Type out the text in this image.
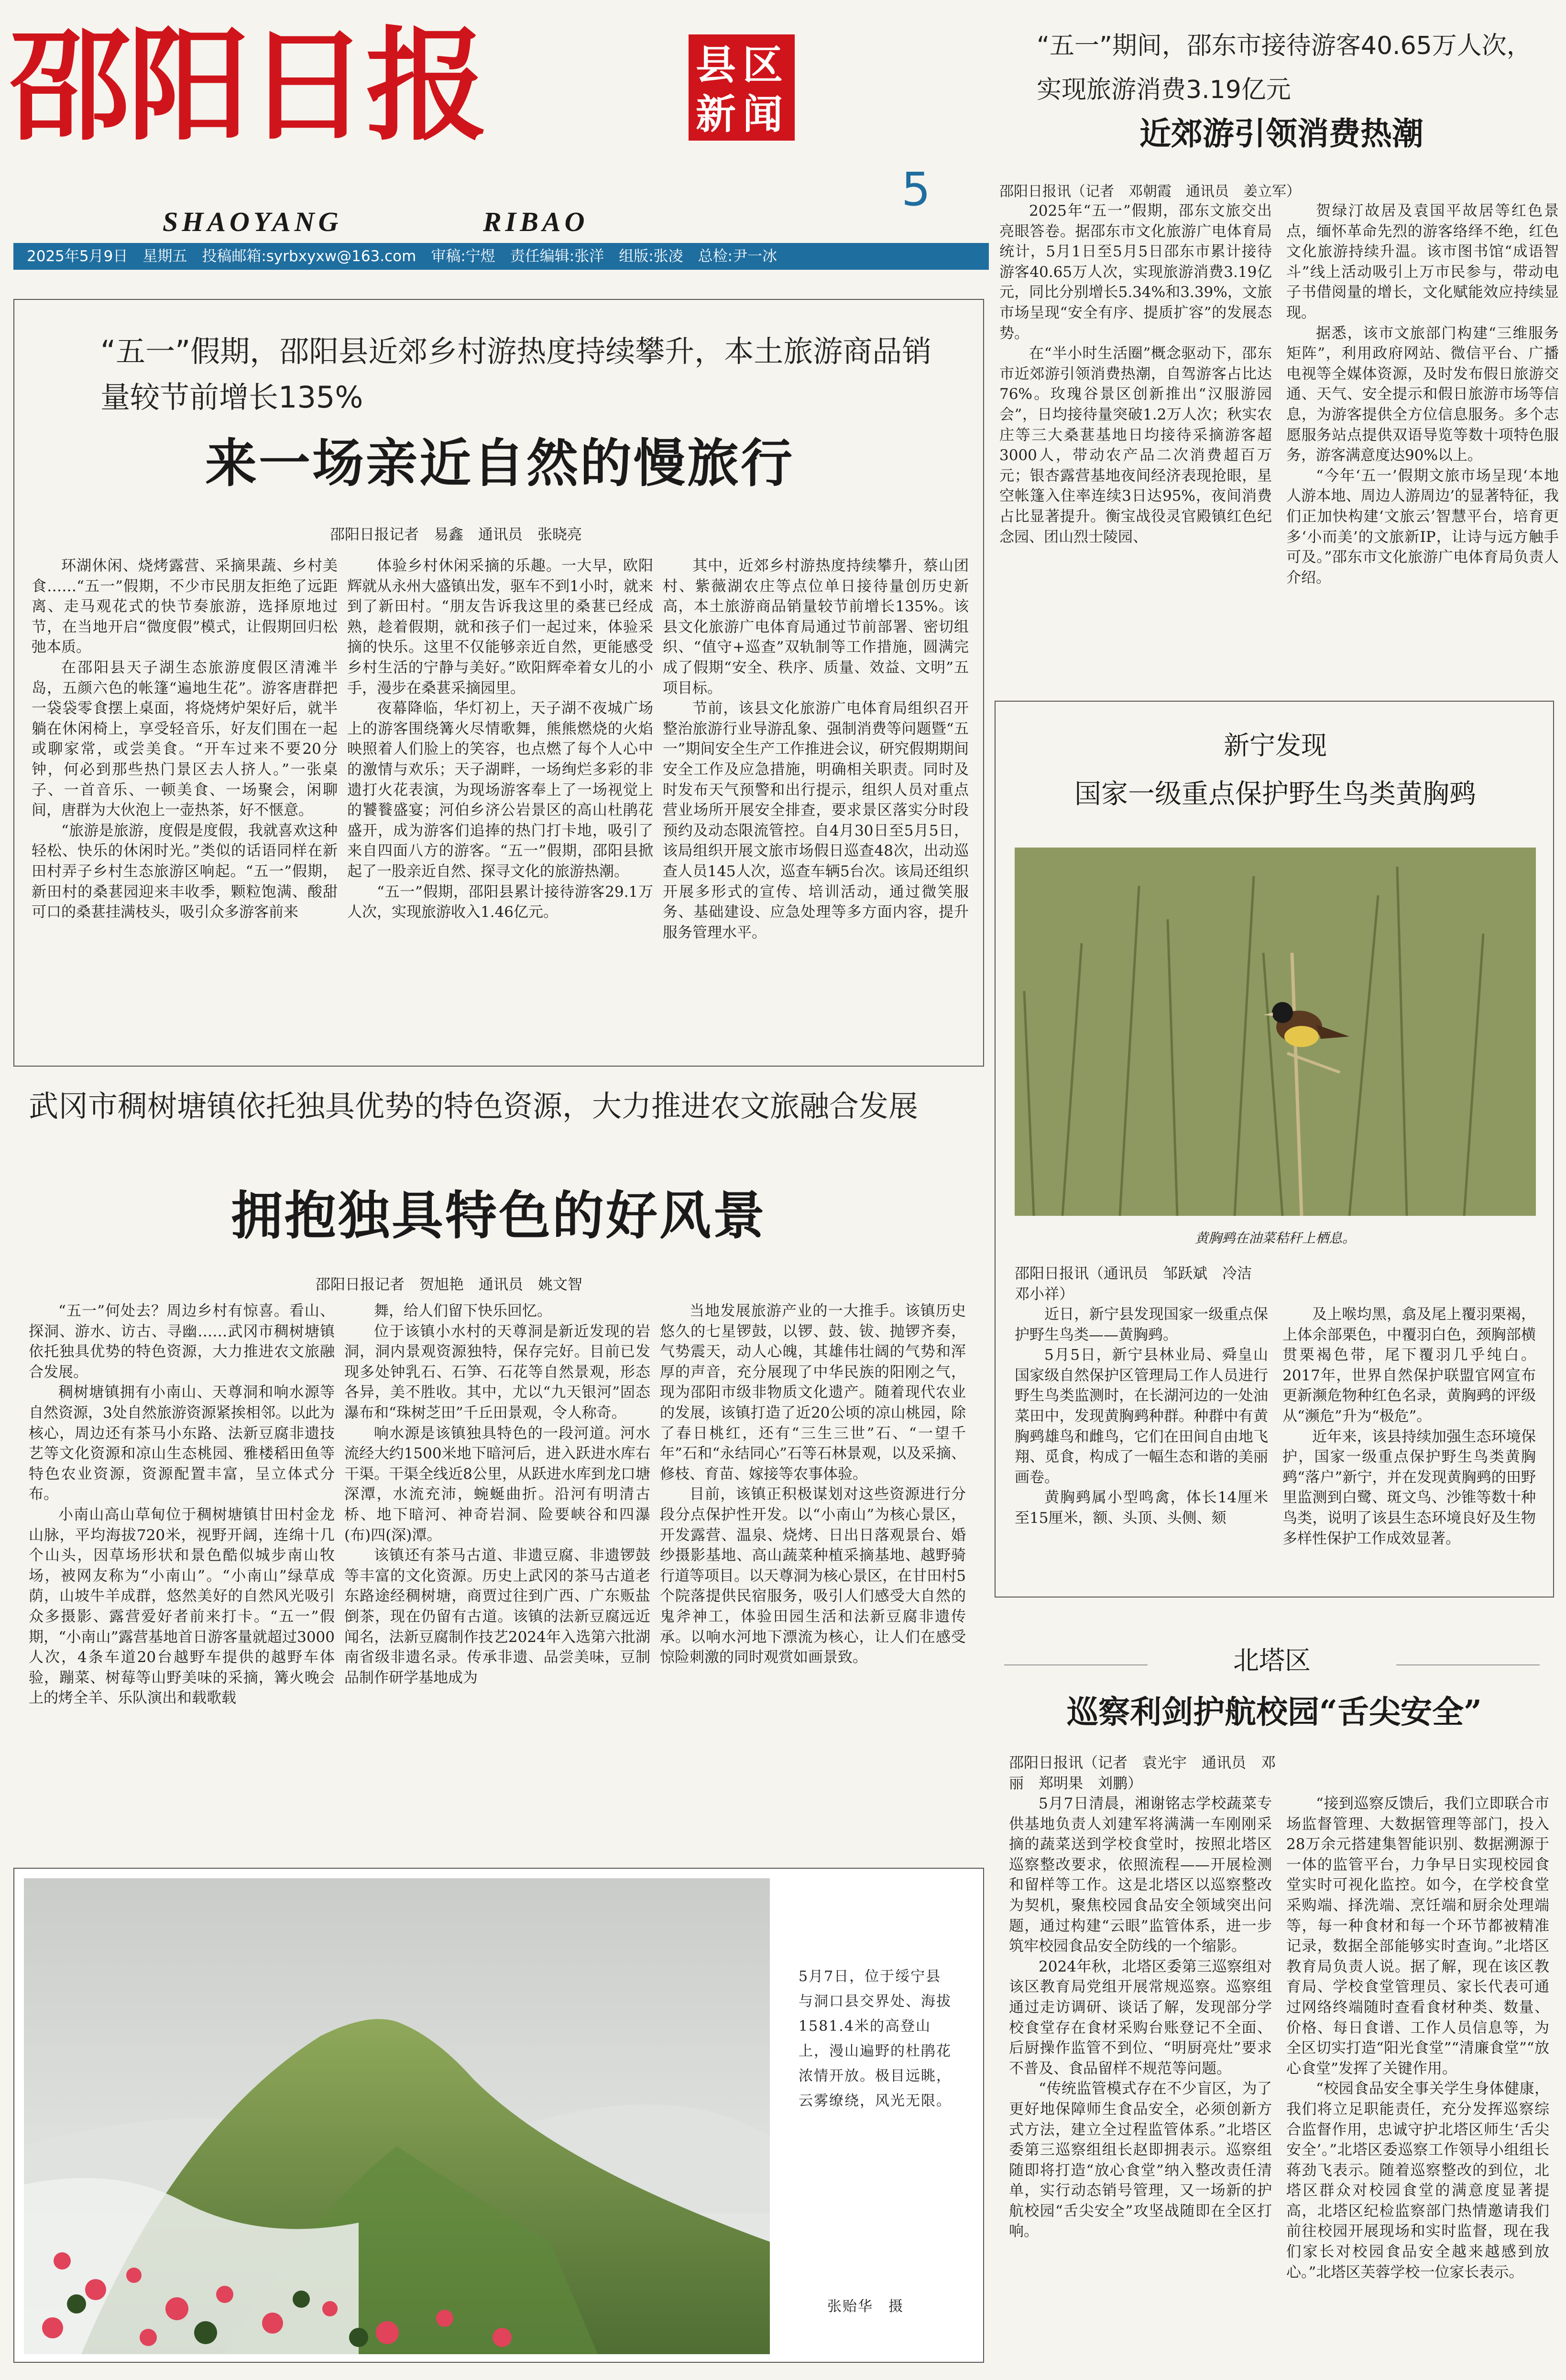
邵阳日报
SHAOYANG	RIBAO
县 区
新 闻
5
2025年5月9日　星期五　投稿邮箱:syrbxyxw@163.com　审稿:宁煜　责任编辑:张洋　组版:张凌　总检:尹一冰
“五一”期间，邵东市接待游客40.65万人次，实现旅游消费3.19亿元
近郊游引领消费热潮
邵阳日报讯（记者　邓朝霞　通讯员　姜立军）

2025年“五一”假期，邵东文旅交出亮眼答卷。据邵东市文化旅游广电体育局统计，5月1日至5月5日邵东市累计接待游客40.65万人次，实现旅游消费3.19亿元，同比分别增长5.34%和3.39%，文旅市场呈现“安全有序、提质扩容”的发展态势。

在“半小时生活圈”概念驱动下，邵东市近郊游引领消费热潮，自驾游客占比达76%。玫瑰谷景区创新推出“汉服游园会”，日均接待量突破1.2万人次；秋实农庄等三大桑葚基地日均接待采摘游客超3000人，带动农产品二次消费超百万元；银杏露营基地夜间经济表现抢眼，星空帐篷入住率连续3日达95%，夜间消费占比显著提升。衡宝战役灵官殿镇红色纪念园、团山烈士陵园、

贺绿汀故居及袁国平故居等红色景点，缅怀革命先烈的游客络绎不绝，红色文化旅游持续升温。该市图书馆“成语智斗”线上活动吸引上万市民参与，带动电子书借阅量的增长，文化赋能效应持续显现。

据悉，该市文旅部门构建“三维服务矩阵”，利用政府网站、微信平台、广播电视等全媒体资源，及时发布假日旅游交通、天气、安全提示和假日旅游市场等信息，为游客提供全方位信息服务。多个志愿服务站点提供双语导览等数十项特色服务，游客满意度达90%以上。

“今年‘五一’假期文旅市场呈现‘本地人游本地、周边人游周边’的显著特征，我们正加快构建‘文旅云’智慧平台，培育更多‘小而美’的文旅新IP，让诗与远方触手可及。”邵东市文化旅游广电体育局负责人介绍。

“五一”假期，邵阳县近郊乡村游热度持续攀升，本土旅游商品销量较节前增长135%
来一场亲近自然的慢旅行
邵阳日报记者　易鑫　通讯员　张晓亮

环湖休闲、烧烤露营、采摘果蔬、乡村美食……“五一”假期，不少市民朋友拒绝了远距离、走马观花式的快节奏旅游，选择原地过节，在当地开启“微度假”模式，让假期回归松弛本质。

在邵阳县天子湖生态旅游度假区清滩半岛，五颜六色的帐篷“遍地生花”。游客唐群把一袋袋零食摆上桌面，将烧烤炉架好后，就半躺在休闲椅上，享受轻音乐，好友们围在一起或聊家常，或尝美食。“开车过来不要20分钟，何必到那些热门景区去人挤人。”一张桌子、一首音乐、一顿美食、一场聚会，闲聊间，唐群为大伙泡上一壶热茶，好不惬意。

“旅游是旅游，度假是度假，我就喜欢这种轻松、快乐的休闲时光。”类似的话语同样在新田村弄子乡村生态旅游区响起。“五一”假期，新田村的桑葚园迎来丰收季，颗粒饱满、酸甜可口的桑葚挂满枝头，吸引众多游客前来

体验乡村休闲采摘的乐趣。一大早，欧阳辉就从永州大盛镇出发，驱车不到1小时，就来到了新田村。“朋友告诉我这里的桑葚已经成熟，趁着假期，就和孩子们一起过来，体验采摘的快乐。这里不仅能够亲近自然，更能感受乡村生活的宁静与美好。”欧阳辉牵着女儿的小手，漫步在桑葚采摘园里。

夜幕降临，华灯初上，天子湖不夜城广场上的游客围绕篝火尽情歌舞，熊熊燃烧的火焰映照着人们脸上的笑容，也点燃了每个人心中的激情与欢乐；天子湖畔，一场绚烂多彩的非遗打火花表演，为现场游客奉上了一场视觉上的饕餮盛宴；河伯乡济公岩景区的高山杜鹃花盛开，成为游客们追捧的热门打卡地，吸引了来自四面八方的游客。“五一”假期，邵阳县掀起了一股亲近自然、探寻文化的旅游热潮。

“五一”假期，邵阳县累计接待游客29.1万人次，实现旅游收入1.46亿元。

其中，近郊乡村游热度持续攀升，蔡山团村、紫薇湖农庄等点位单日接待量创历史新高，本土旅游商品销量较节前增长135%。该县文化旅游广电体育局通过节前部署、密切组织、“值守+巡查”双轨制等工作措施，圆满完成了假期“安全、秩序、质量、效益、文明”五项目标。

节前，该县文化旅游广电体育局组织召开整治旅游行业导游乱象、强制消费等问题暨“五一”期间安全生产工作推进会议，研究假期期间安全工作及应急措施，明确相关职责。同时及时发布天气预警和出行提示，组织人员对重点营业场所开展安全排查，要求景区落实分时段预约及动态限流管控。自4月30日至5月5日，该局组织开展文旅市场假日巡查48次，出动巡查人员145人次，巡查车辆5台次。该局还组织开展多形式的宣传、培训活动，通过微笑服务、基础建设、应急处理等多方面内容，提升服务管理水平。

武冈市稠树塘镇依托独具优势的特色资源，大力推进农文旅融合发展
拥抱独具特色的好风景
邵阳日报记者　贺旭艳　通讯员　姚文智

“五一”何处去？周边乡村有惊喜。看山、探洞、游水、访古、寻幽……武冈市稠树塘镇依托独具优势的特色资源，大力推进农文旅融合发展。

稠树塘镇拥有小南山、天尊洞和响水源等自然资源，3处自然旅游资源紧挨相邻。以此为核心，周边还有茶马小东路、法新豆腐非遗技艺等文化资源和凉山生态桃园、雅楼稻田鱼等特色农业资源，资源配置丰富，呈立体式分布。

小南山高山草甸位于稠树塘镇甘田村金龙山脉，平均海拔720米，视野开阔，连绵十几个山头，因草场形状和景色酷似城步南山牧场，被网友称为“小南山”。“小南山”绿草成荫，山坡牛羊成群，悠然美好的自然风光吸引众多摄影、露营爱好者前来打卡。“五一”假期，“小南山”露营基地首日游客量就超过3000人次，4条车道20台越野车提供的越野车体验，蹦菜、树莓等山野美味的采摘，篝火晚会上的烤全羊、乐队演出和载歌载

舞，给人们留下快乐回忆。

位于该镇小水村的天尊洞是新近发现的岩洞，洞内景观资源独特，保存完好。目前已发现多处钟乳石、石笋、石花等自然景观，形态各异，美不胜收。其中，尤以“九天银河”固态瀑布和“珠树芝田”千丘田景观，令人称奇。

响水源是该镇独具特色的一段河道。河水流经大约1500米地下暗河后，进入跃进水库右干渠。干渠全线近8公里，从跃进水库到龙口塘深潭，水流充沛，蜿蜒曲折。沿河有明清古桥、地下暗河、神奇岩洞、险要峡谷和四瀑(布)四(深)潭。

该镇还有茶马古道、非遗豆腐、非遗锣鼓等丰富的文化资源。历史上武冈的茶马古道老东路途经稠树塘，商贾过往到广西、广东贩盐倒茶，现在仍留有古道。该镇的法新豆腐远近闻名，法新豆腐制作技艺2024年入选第六批湖南省级非遗名录。传承非遗、品尝美味，豆制品制作研学基地成为

当地发展旅游产业的一大推手。该镇历史悠久的七星锣鼓，以锣、鼓、钹、抛锣齐奏，气势震天，动人心魄，其雄伟壮阔的气势和浑厚的声音，充分展现了中华民族的阳刚之气，现为邵阳市级非物质文化遗产。随着现代农业的发展，该镇打造了近20公顷的凉山桃园，除了春日桃红，还有“三生三世”石、“一望千年”石和“永结同心”石等石林景观，以及采摘、修枝、育苗、嫁接等农事体验。

目前，该镇正积极谋划对这些资源进行分段分点保护性开发。以“小南山”为核心景区，开发露营、温泉、烧烤、日出日落观景台、婚纱摄影基地、高山蔬菜种植采摘基地、越野骑行道等项目。以天尊洞为核心景区，在甘田村5个院落提供民宿服务，吸引人们感受大自然的鬼斧神工，体验田园生活和法新豆腐非遗传承。以响水河地下漂流为核心，让人们在感受惊险刺激的同时观赏如画景致。

5月7日，位于绥宁县与洞口县交界处、海拔1581.4米的高登山上，漫山遍野的杜鹃花浓情开放。极目远眺，云雾缭绕，风光无限。
张贻华　摄
新宁发现
国家一级重点保护野生鸟类黄胸鹀
黄胸鹀在油菜秸秆上栖息。
邵阳日报讯（通讯员　邹跃斌　冷洁　邓小祥）

近日，新宁县发现国家一级重点保护野生鸟类——黄胸鹀。

5月5日，新宁县林业局、舜皇山国家级自然保护区管理局工作人员进行野生鸟类监测时，在长湖河边的一处油菜田中，发现黄胸鹀种群。种群中有黄胸鹀雄鸟和雌鸟，它们在田间自由地飞翔、觅食，构成了一幅生态和谐的美丽画卷。

黄胸鹀属小型鸣禽，体长14厘米至15厘米，额、头顶、头侧、颏

及上喉均黑，翕及尾上覆羽栗褐，上体余部栗色，中覆羽白色，颈胸部横贯栗褐色带，尾下覆羽几乎纯白。2017年，世界自然保护联盟官网宣布更新濒危物种红色名录，黄胸鹀的评级从“濒危”升为“极危”。

近年来，该县持续加强生态环境保护，国家一级重点保护野生鸟类黄胸鹀“落户”新宁，并在发现黄胸鹀的田野里监测到白鹭、斑文鸟、沙锥等数十种鸟类，说明了该县生态环境良好及生物多样性保护工作成效显著。

北塔区
巡察利剑护航校园“舌尖安全”
邵阳日报讯（记者　袁光宇　通讯员　邓丽　郑明果　刘鹏）

5月7日清晨，湘谢铭志学校蔬菜专供基地负责人刘建军将满满一车刚刚采摘的蔬菜送到学校食堂时，按照北塔区巡察整改要求，依照流程——开展检测和留样等工作。这是北塔区以巡察整改为契机，聚焦校园食品安全领域突出问题，通过构建“云眼”监管体系，进一步筑牢校园食品安全防线的一个缩影。

2024年秋，北塔区委第三巡察组对该区教育局党组开展常规巡察。巡察组通过走访调研、谈话了解，发现部分学校食堂存在食材采购台账登记不全面、后厨操作监管不到位、“明厨亮灶”要求不普及、食品留样不规范等问题。

“传统监管模式存在不少盲区，为了更好地保障师生食品安全，必须创新方式方法，建立全过程监管体系。”北塔区委第三巡察组组长赵即拥表示。巡察组随即将打造“放心食堂”纳入整改责任清单，实行动态销号管理，又一场新的护航校园“舌尖安全”攻坚战随即在全区打响。

“接到巡察反馈后，我们立即联合市场监督管理、大数据管理等部门，投入28万余元搭建集智能识别、数据溯源于一体的监管平台，力争早日实现校园食堂实时可视化监控。如今，在学校食堂采购端、择洗端、烹饪端和厨余处理端等，每一种食材和每一个环节都被精准记录，数据全部能够实时查询。”北塔区教育局负责人说。据了解，现在该区教育局、学校食堂管理员、家长代表可通过网络终端随时查看食材种类、数量、价格、每日食谱、工作人员信息等，为全区切实打造“阳光食堂”“清廉食堂”“放心食堂”发挥了关键作用。

“校园食品安全事关学生身体健康，我们将立足职能责任，充分发挥巡察综合监督作用，忠诚守护北塔区师生‘舌尖安全’。”北塔区委巡察工作领导小组组长蒋劲飞表示。随着巡察整改的到位，北塔区群众对校园食堂的满意度显著提高，北塔区纪检监察部门热情邀请我们前往校园开展现场和实时监督，现在我们家长对校园食品安全越来越感到放心。”北塔区芙蓉学校一位家长表示。
